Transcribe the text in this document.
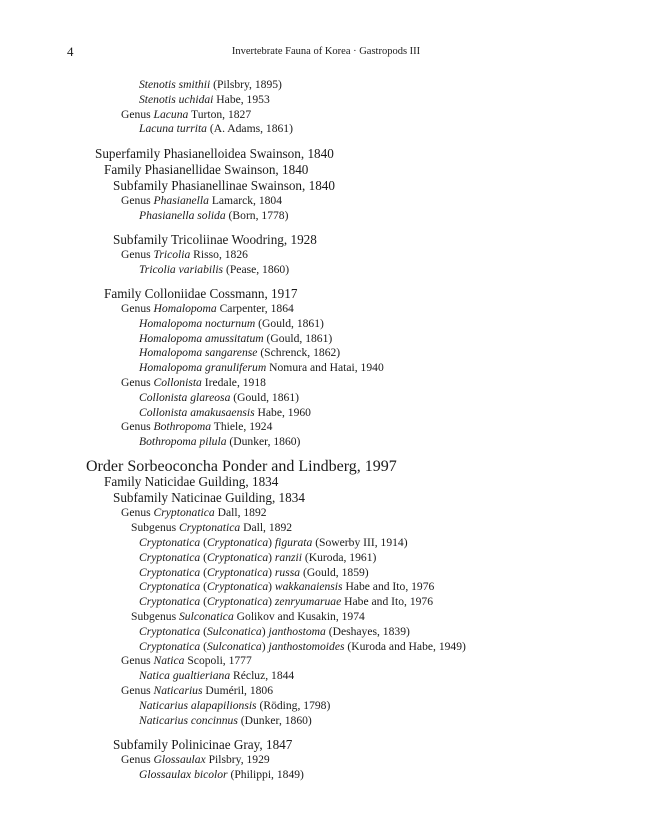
4	Invertebrate Fauna of Korea · Gastropods III
Stenotis smithii (Pilsbry, 1895)
Stenotis uchidai Habe, 1953
Genus Lacuna Turton, 1827
Lacuna turrita (A. Adams, 1861)
Superfamily Phasianelloidea Swainson, 1840
Family Phasianellidae Swainson, 1840
Subfamily Phasianellinae Swainson, 1840
Genus Phasianella Lamarck, 1804
Phasianella solida (Born, 1778)
Subfamily Tricoliinae Woodring, 1928
Genus Tricolia Risso, 1826
Tricolia variabilis (Pease, 1860)
Family Colloniidae Cossmann, 1917
Genus Homalopoma Carpenter, 1864
Homalopoma nocturnum (Gould, 1861)
Homalopoma amussitatum (Gould, 1861)
Homalopoma sangarense (Schrenck, 1862)
Homalopoma granuliferum Nomura and Hatai, 1940
Genus Collonista Iredale, 1918
Collonista glareosa (Gould, 1861)
Collonista amakusaensis Habe, 1960
Genus Bothropoma Thiele, 1924
Bothropoma pilula (Dunker, 1860)
Order Sorbeoconcha Ponder and Lindberg, 1997
Family Naticidae Guilding, 1834
Subfamily Naticinae Guilding, 1834
Genus Cryptonatica Dall, 1892
Subgenus Cryptonatica Dall, 1892
Cryptonatica (Cryptonatica) figurata (Sowerby III, 1914)
Cryptonatica (Cryptonatica) ranzii (Kuroda, 1961)
Cryptonatica (Cryptonatica) russa (Gould, 1859)
Cryptonatica (Cryptonatica) wakkanaiensis Habe and Ito, 1976
Cryptonatica (Cryptonatica) zenryumaruae Habe and Ito, 1976
Subgenus Sulconatica Golikov and Kusakin, 1974
Cryptonatica (Sulconatica) janthostoma (Deshayes, 1839)
Cryptonatica (Sulconatica) janthostomoides (Kuroda and Habe, 1949)
Genus Natica Scopoli, 1777
Natica gualtieriana Récluz, 1844
Genus Naticarius Duméril, 1806
Naticarius alapapilionsis (Röding, 1798)
Naticarius concinnus (Dunker, 1860)
Subfamily Polinicinae Gray, 1847
Genus Glossaulax Pilsbry, 1929
Glossaulax bicolor (Philippi, 1849)
